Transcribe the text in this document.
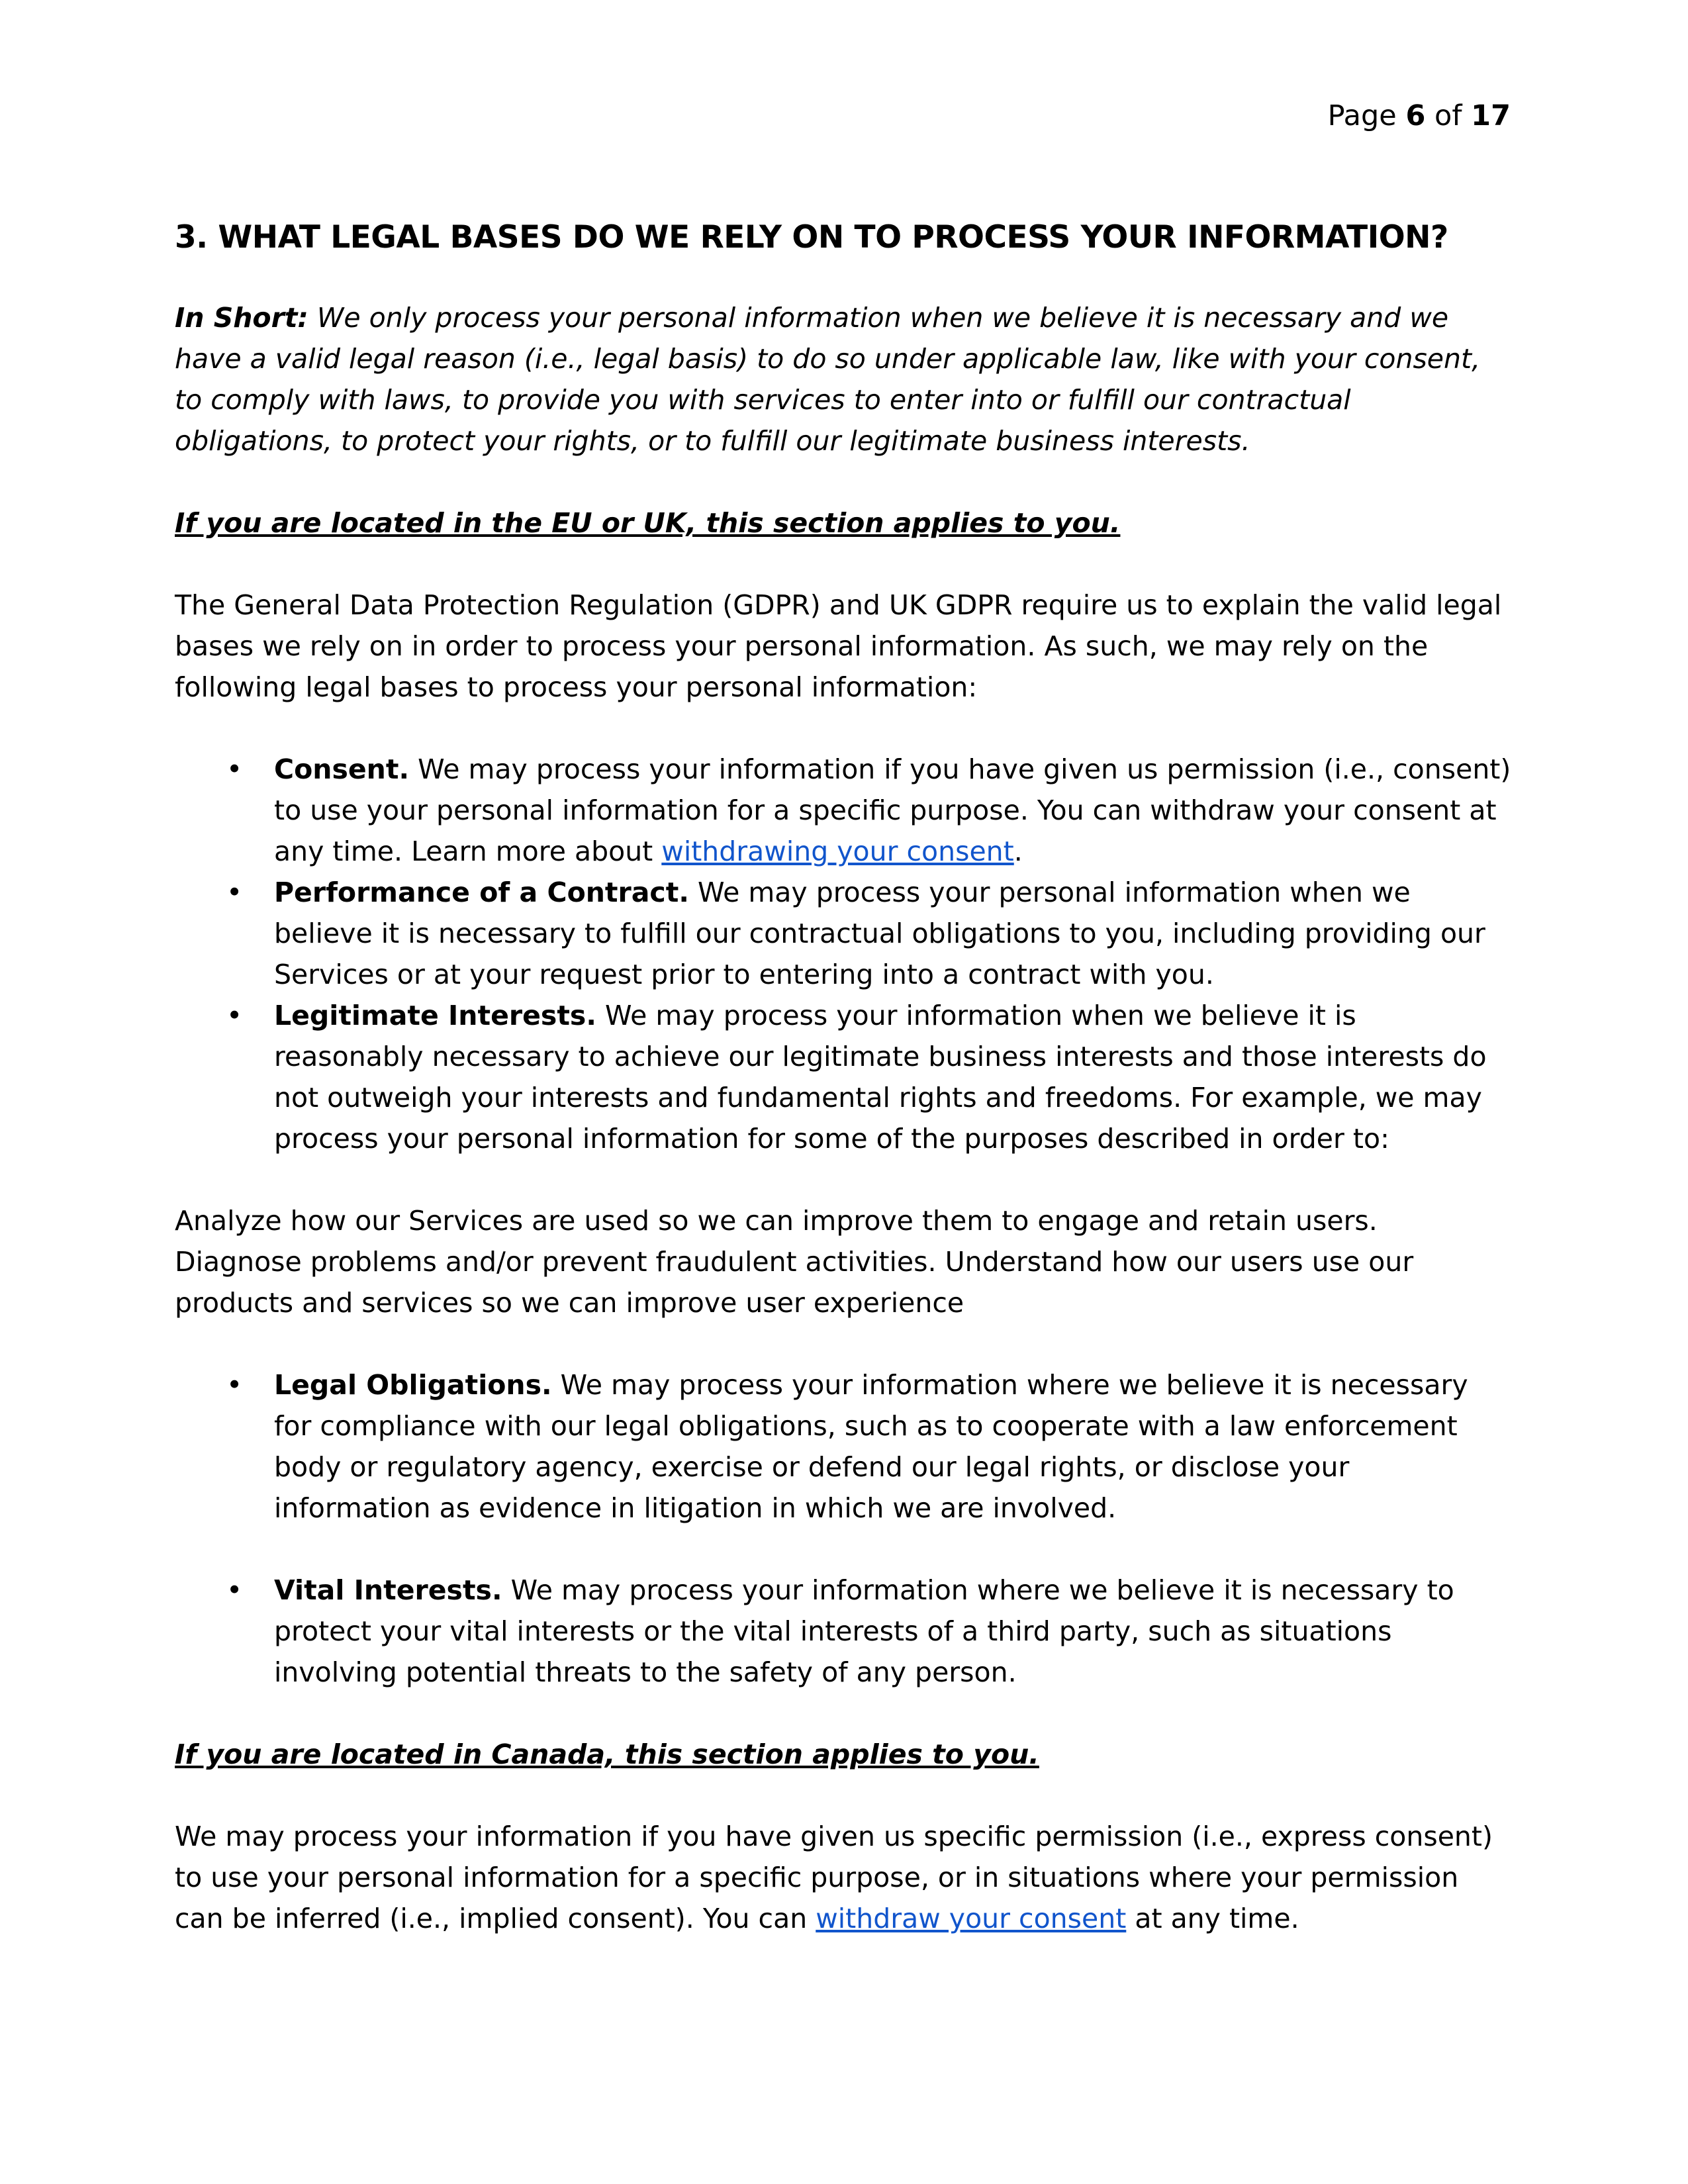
Page 6 of 17
3. WHAT LEGAL BASES DO WE RELY ON TO PROCESS YOUR INFORMATION?

In Short: We only process your personal information when we believe it is necessary and we have a valid legal reason (i.e., legal basis) to do so under applicable law, like with your consent, to comply with laws, to provide you with services to enter into or fulfill our contractual obligations, to protect your rights, or to fulfill our legitimate business interests.

If you are located in the EU or UK, this section applies to you.

The General Data Protection Regulation (GDPR) and UK GDPR require us to explain the valid legal bases we rely on in order to process your personal information. As such, we may rely on the following legal bases to process your personal information:

• Consent. We may process your information if you have given us permission (i.e., consent) to use your personal information for a specific purpose. You can withdraw your consent at any time. Learn more about withdrawing your consent.
• Performance of a Contract. We may process your personal information when we believe it is necessary to fulfill our contractual obligations to you, including providing our Services or at your request prior to entering into a contract with you.
• Legitimate Interests. We may process your information when we believe it is reasonably necessary to achieve our legitimate business interests and those interests do not outweigh your interests and fundamental rights and freedoms. For example, we may process your personal information for some of the purposes described in order to:

Analyze how our Services are used so we can improve them to engage and retain users. Diagnose problems and/or prevent fraudulent activities. Understand how our users use our products and services so we can improve user experience

• Legal Obligations. We may process your information where we believe it is necessary for compliance with our legal obligations, such as to cooperate with a law enforcement body or regulatory agency, exercise or defend our legal rights, or disclose your information as evidence in litigation in which we are involved.
• Vital Interests. We may process your information where we believe it is necessary to protect your vital interests or the vital interests of a third party, such as situations involving potential threats to the safety of any person.

If you are located in Canada, this section applies to you.

We may process your information if you have given us specific permission (i.e., express consent) to use your personal information for a specific purpose, or in situations where your permission can be inferred (i.e., implied consent). You can withdraw your consent at any time.
